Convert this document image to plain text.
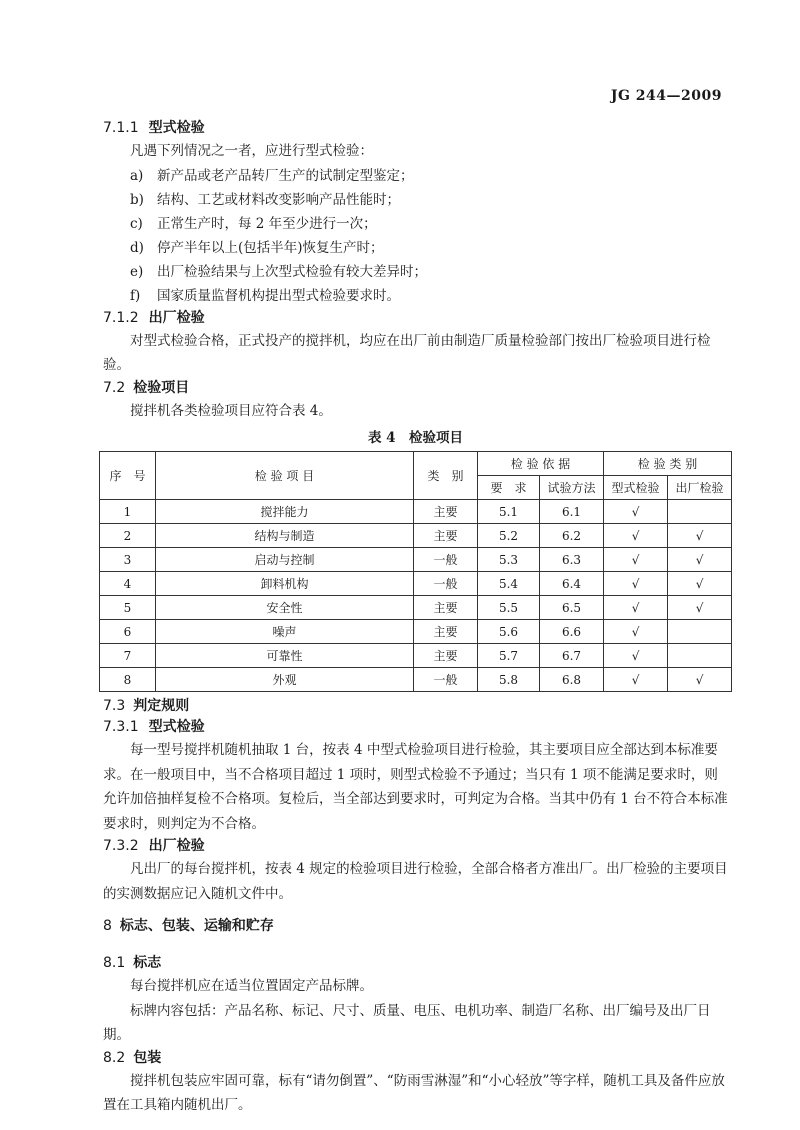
JG 244—2009

7.1.1 型式检验

凡遇下列情况之一者，应进行型式检验：

a) 新产品或老产品转厂生产的试制定型鉴定；
b) 结构、工艺或材料改变影响产品性能时；
c) 正常生产时，每 2 年至少进行一次；
d) 停产半年以上(包括半年)恢复生产时；
e) 出厂检验结果与上次型式检验有较大差异时；
f) 国家质量监督机构提出型式检验要求时。

7.1.2 出厂检验

对型式检验合格，正式投产的搅拌机，均应在出厂前由制造厂质量检验部门按出厂检验项目进行检验。

7.2 检验项目

搅拌机各类检验项目应符合表 4。

表 4　检验项目
序　号	检 验 项 目	类　别	检 验 依 据		检 验 类 别	
			要　求	试验方法	型式检验	出厂检验
1	搅拌能力	主要	5.1	6.1	√	
2	结构与制造	主要	5.2	6.2	√	√
3	启动与控制	一般	5.3	6.3	√	√
4	卸料机构	一般	5.4	6.4	√	√
5	安全性	主要	5.5	6.5	√	√
6	噪声	主要	5.6	6.6	√	
7	可靠性	主要	5.7	6.7	√	
8	外观	一般	5.8	6.8	√	√

7.3 判定规则

7.3.1 型式检验

每一型号搅拌机随机抽取 1 台，按表 4 中型式检验项目进行检验，其主要项目应全部达到本标准要求。在一般项目中，当不合格项目超过 1 项时，则型式检验不予通过；当只有 1 项不能满足要求时，则允许加倍抽样复检不合格项。复检后，当全部达到要求时，可判定为合格。当其中仍有 1 台不符合本标准要求时，则判定为不合格。

7.3.2 出厂检验

凡出厂的每台搅拌机，按表 4 规定的检验项目进行检验，全部合格者方准出厂。出厂检验的主要项目的实测数据应记入随机文件中。

8 标志、包装、运输和贮存

8.1 标志

每台搅拌机应在适当位置固定产品标牌。

标牌内容包括：产品名称、标记、尺寸、质量、电压、电机功率、制造厂名称、出厂编号及出厂日期。

8.2 包装

搅拌机包装应牢固可靠，标有“请勿倒置”、“防雨雪淋湿”和“小心轻放”等字样，随机工具及备件应放置在工具箱内随机出厂。
